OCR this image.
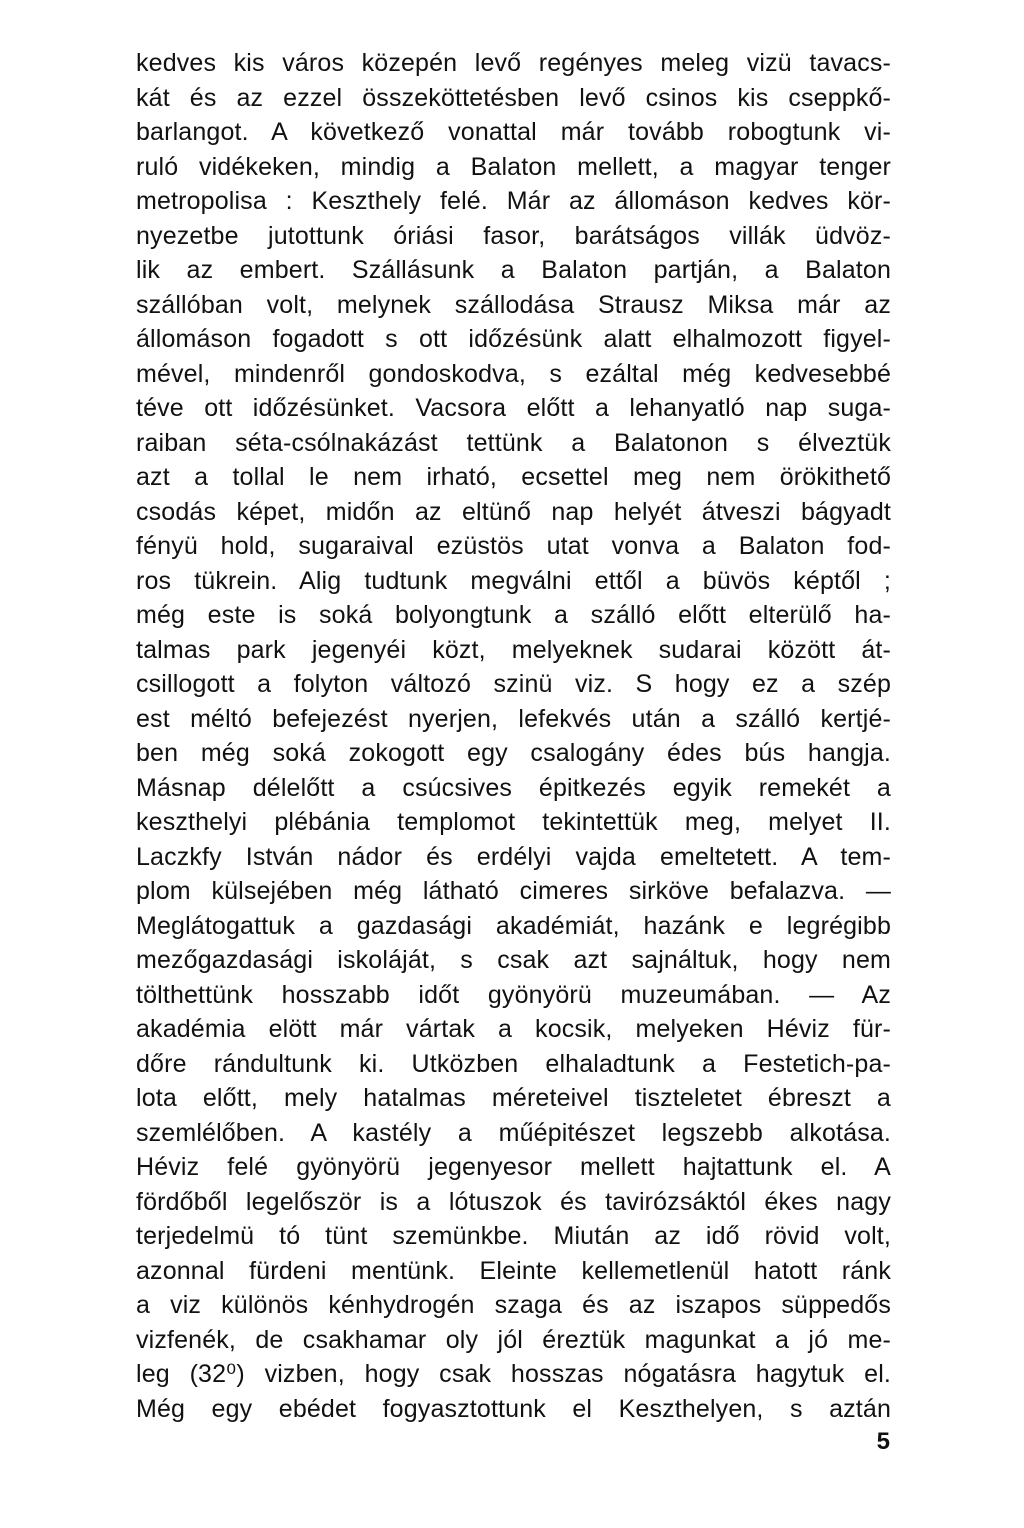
kedves kis város közepén levő regényes meleg vizü tavacs-
kát és az ezzel összeköttetésben levő csinos kis cseppkő-
barlangot. A következő vonattal már tovább robogtunk vi-
ruló vidékeken, mindig a Balaton mellett, a magyar tenger
metropolisa : Keszthely felé. Már az állomáson kedves kör-
nyezetbe jutottunk óriási fasor, barátságos villák üdvöz-
lik az embert. Szállásunk a Balaton partján, a Balaton
szállóban volt, melynek szállodása Strausz Miksa már az
állomáson fogadott s ott időzésünk alatt elhalmozott figyel-
mével, mindenről gondoskodva, s ezáltal még kedvesebbé
téve ott időzésünket. Vacsora előtt a lehanyatló nap suga-
raiban séta-csólnakázást tettünk a Balatonon s élveztük
azt a tollal le nem irható, ecsettel meg nem örökithető
csodás képet, midőn az eltünő nap helyét átveszi bágyadt
fényü hold, sugaraival ezüstös utat vonva a Balaton fod-
ros tükrein. Alig tudtunk megválni ettől a büvös képtől ;
még este is soká bolyongtunk a szálló előtt elterülő ha-
talmas park jegenyéi közt, melyeknek sudarai között át-
csillogott a folyton változó szinü viz. S hogy ez a szép
est méltó befejezést nyerjen, lefekvés után a szálló kertjé-
ben még soká zokogott egy csalogány édes bús hangja.
Másnap délelőtt a csúcsives épitkezés egyik remekét a
keszthelyi plébánia templomot tekintettük meg, melyet II.
Laczkfy István nádor és erdélyi vajda emeltetett. A tem-
plom külsejében még látható cimeres sirköve befalazva. —
Meglátogattuk a gazdasági akadémiát, hazánk e legrégibb
mezőgazdasági iskoláját, s csak azt sajnáltuk, hogy nem
tölthettünk hosszabb időt gyönyörü muzeumában. — Az
akadémia elött már vártak a kocsik, melyeken Héviz für-
dőre rándultunk ki. Utközben elhaladtunk a Festetich-pa-
lota előtt, mely hatalmas méreteivel tiszteletet ébreszt a
szemlélőben. A kastély a műépitészet legszebb alkotása.
Héviz felé gyönyörü jegenyesor mellett hajtattunk el. A
fördőből legelőször is a lótuszok és tavirózsáktól ékes nagy
terjedelmü tó tünt szemünkbe. Miután az idő rövid volt,
azonnal fürdeni mentünk. Eleinte kellemetlenül hatott ránk
a viz különös kénhydrogén szaga és az iszapos süppedős
vizfenék, de csakhamar oly jól éreztük magunkat a jó me-
leg (32⁰) vizben, hogy csak hosszas nógatásra hagytuk el.
Még egy ebédet fogyasztottunk el Keszthelyen, s aztán
5
